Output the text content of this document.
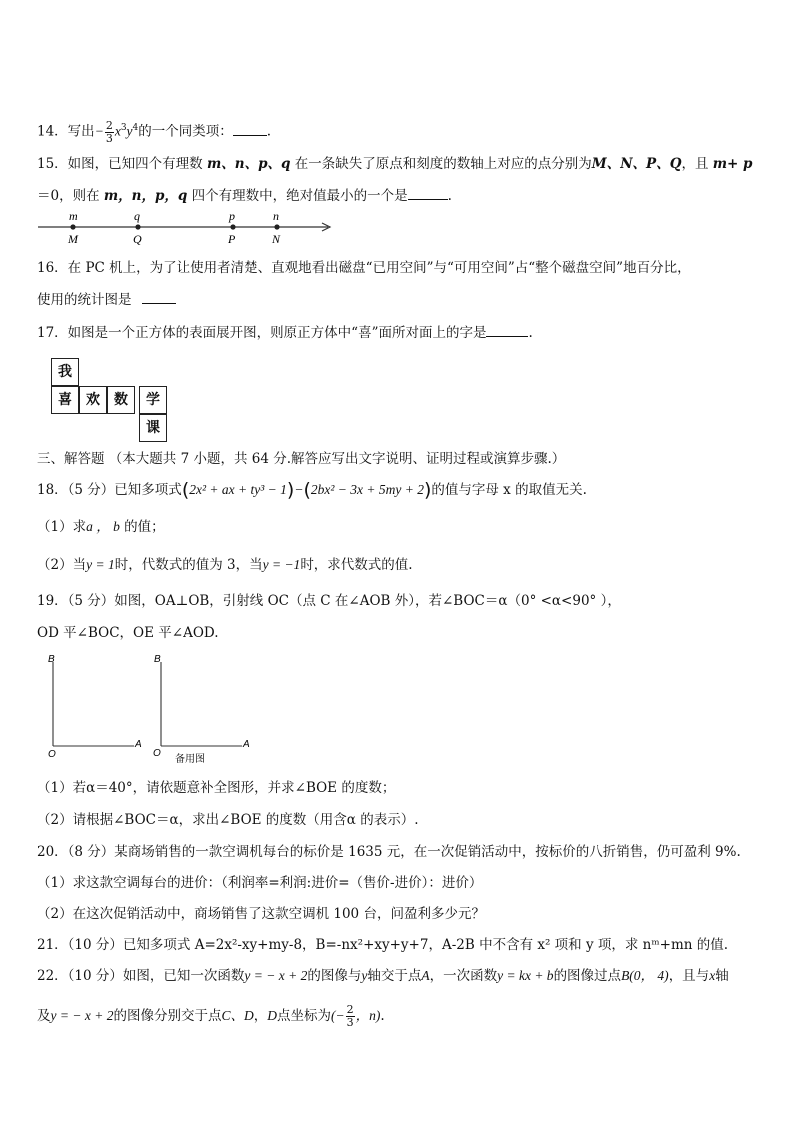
14．写出− $\frac{2}{3} x^3y^4$的一个同类项：	.
15．如图，已知四个有理数 m、n、p、q 在一条缺失了原点和刻度的数轴上对应的点分别为M、N、P、Q，且 m+ p
＝0，则在 m，n，p，q 四个有理数中，绝对值最小的一个是	.
m	q	p	n
M	Q	P	N
16．在 PC 机上，为了让使用者清楚、直观地看出磁盘“已用空间”与“可用空间”占“整个磁盘空间”地百分比，
使用的统计图是
17．如图是一个正方体的表面展开图，则原正方体中“喜”面所对面上的字是	.
我
喜	欢	数	学
课
三、解答题 （本大题共 7 小题，共 64 分.解答应写出文字说明、证明过程或演算步骤.）
18．（5 分）已知多项式(2x² + ax + ty³ − 1)−(2bx² − 3x + 5my + 2)的值与字母 x 的取值无关.
（1）求a ， b 的值；
（2）当y = 1时，代数式的值为 3，当y = −1时，求代数式的值.
19．（5 分）如图，OA⊥OB，引射线 OC（点 C 在∠AOB 外），若∠BOC＝α（0° <α<90° ），
OD 平∠BOC，OE 平∠AOD.
B
O
A
B
O
A
备用图
（1）若α＝40°，请依题意补全图形，并求∠BOE 的度数；
（2）请根据∠BOC＝α，求出∠BOE 的度数（用含α 的表示）.
20．（8 分）某商场销售的一款空调机每台的标价是 1635 元，在一次促销活动中，按标价的八折销售，仍可盈利 9%.
（1）求这款空调每台的进价：（利润率=利润:进价=（售价-进价）：进价）
（2）在这次促销活动中，商场销售了这款空调机 100 台，问盈利多少元？
21．（10 分）已知多项式 A=2x²-xy+my-8，B=-nx²+xy+y+7，A-2B 中不含有 x² 项和 y 项，求 nᵐ+mn 的值.
22．（10 分）如图，已知一次函数y = − x + 2的图像与y轴交于点A，一次函数y = kx + b的图像过点B(0， 4)，且与x轴
及y = − x + 2的图像分别交于点C、D，D点坐标为(− $\frac{2}{3}$ ，n).
